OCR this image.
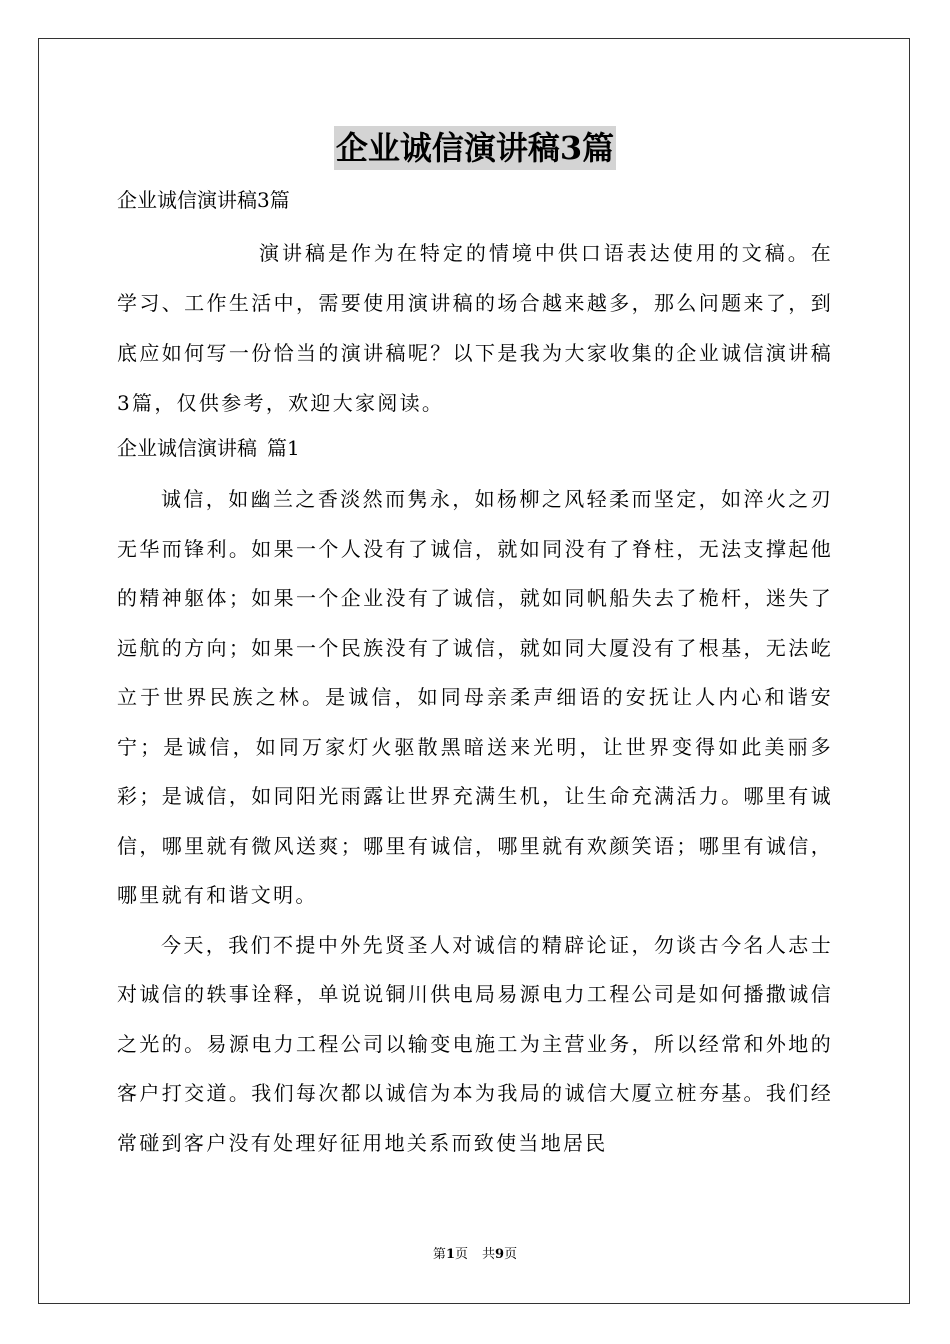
企业诚信演讲稿3篇
企业诚信演讲稿3篇

演讲稿是作为在特定的情境中供口语表达使用的文稿。在学习、工作生活中，需要使用演讲稿的场合越来越多，那么问题来了，到底应如何写一份恰当的演讲稿呢？以下是我为大家收集的企业诚信演讲稿3篇，仅供参考，欢迎大家阅读。

企业诚信演讲稿 篇1

诚信，如幽兰之香淡然而隽永，如杨柳之风轻柔而坚定，如淬火之刃无华而锋利。如果一个人没有了诚信，就如同没有了脊柱，无法支撑起他的精神躯体；如果一个企业没有了诚信，就如同帆船失去了桅杆，迷失了远航的方向；如果一个民族没有了诚信，就如同大厦没有了根基，无法屹立于世界民族之林。是诚信，如同母亲柔声细语的安抚让人内心和谐安宁；是诚信，如同万家灯火驱散黑暗送来光明，让世界变得如此美丽多彩；是诚信，如同阳光雨露让世界充满生机，让生命充满活力。哪里有诚信，哪里就有微风送爽；哪里有诚信，哪里就有欢颜笑语；哪里有诚信，哪里就有和谐文明。

今天，我们不提中外先贤圣人对诚信的精辟论证，勿谈古今名人志士对诚信的轶事诠释，单说说铜川供电局易源电力工程公司是如何播撒诚信之光的。易源电力工程公司以输变电施工为主营业务，所以经常和外地的客户打交道。我们每次都以诚信为本为我局的诚信大厦立桩夯基。我们经常碰到客户没有处理好征用地关系而致使当地居民

第1页 共9页
